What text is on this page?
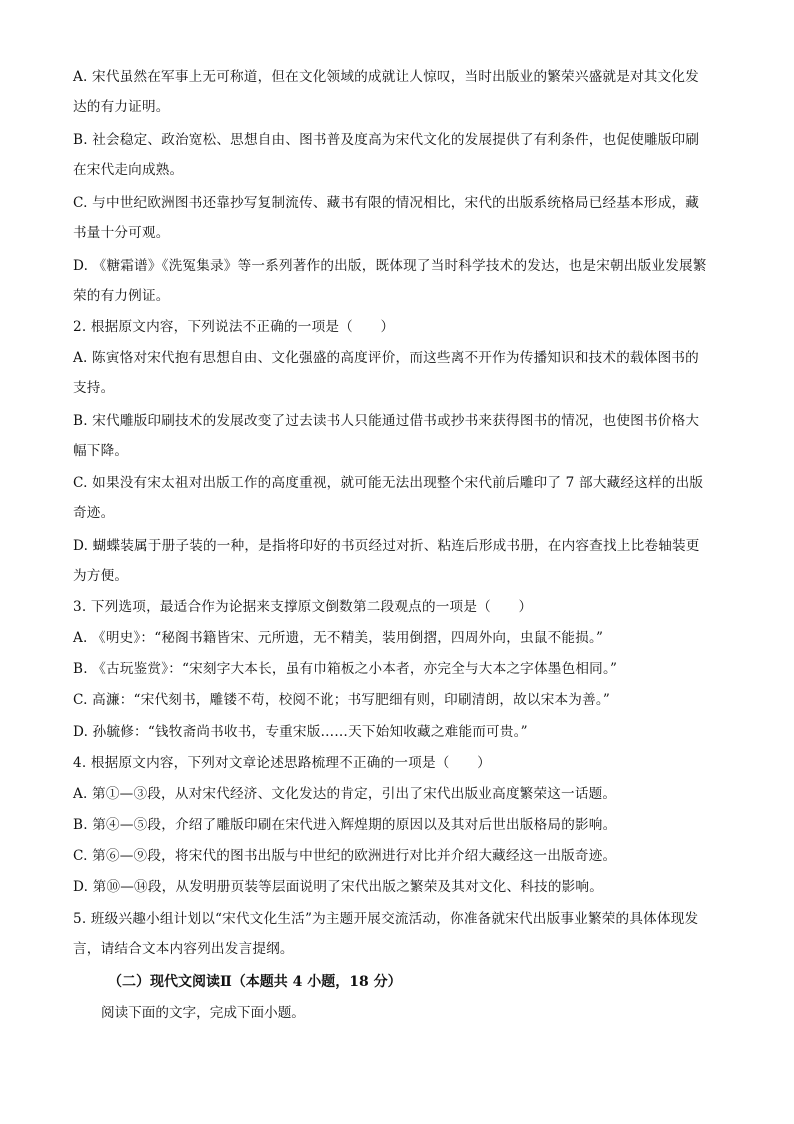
A. 宋代虽然在军事上无可称道，但在文化领域的成就让人惊叹，当时出版业的繁荣兴盛就是对其文化发
达的有力证明。
B. 社会稳定、政治宽松、思想自由、图书普及度高为宋代文化的发展提供了有利条件，也促使雕版印刷
在宋代走向成熟。
C. 与中世纪欧洲图书还靠抄写复制流传、藏书有限的情况相比，宋代的出版系统格局已经基本形成，藏
书量十分可观。
D. 《糖霜谱》《洗冤集录》等一系列著作的出版，既体现了当时科学技术的发达，也是宋朝出版业发展繁
荣的有力例证。
2. 根据原文内容，下列说法不正确的一项是（　　）
A. 陈寅恪对宋代抱有思想自由、文化强盛的高度评价，而这些离不开作为传播知识和技术的载体图书的
支持。
B. 宋代雕版印刷技术的发展改变了过去读书人只能通过借书或抄书来获得图书的情况，也使图书价格大
幅下降。
C. 如果没有宋太祖对出版工作的高度重视，就可能无法出现整个宋代前后雕印了 7 部大藏经这样的出版
奇迹。
D. 蝴蝶装属于册子装的一种，是指将印好的书页经过对折、粘连后形成书册，在内容查找上比卷轴装更
为方便。
3. 下列选项，最适合作为论据来支撑原文倒数第二段观点的一项是（　　）
A. 《明史》：“秘阁书籍皆宋、元所遗，无不精美，装用倒摺，四周外向，虫鼠不能损。”
B. 《古玩鉴赏》：“宋刻字大本长，虽有巾箱板之小本者，亦完全与大本之字体墨色相同。”
C. 高濂：“宋代刻书，雕镂不苟，校阅不讹；书写肥细有则，印刷清朗，故以宋本为善。”
D. 孙毓修：“钱牧斋尚书收书，专重宋版……天下始知收藏之难能而可贵。”
4. 根据原文内容，下列对文章论述思路梳理不正确的一项是（　　）
A. 第①—③段，从对宋代经济、文化发达的肯定，引出了宋代出版业高度繁荣这一话题。
B. 第④—⑤段，介绍了雕版印刷在宋代进入辉煌期的原因以及其对后世出版格局的影响。
C. 第⑥—⑨段，将宋代的图书出版与中世纪的欧洲进行对比并介绍大藏经这一出版奇迹。
D. 第⑩—⑭段，从发明册页装等层面说明了宋代出版之繁荣及其对文化、科技的影响。
5. 班级兴趣小组计划以“宋代文化生活”为主题开展交流活动，你准备就宋代出版事业繁荣的具体体现发
言，请结合文本内容列出发言提纲。
（二）现代文阅读Ⅱ（本题共 4 小题，18 分）
阅读下面的文字，完成下面小题。
